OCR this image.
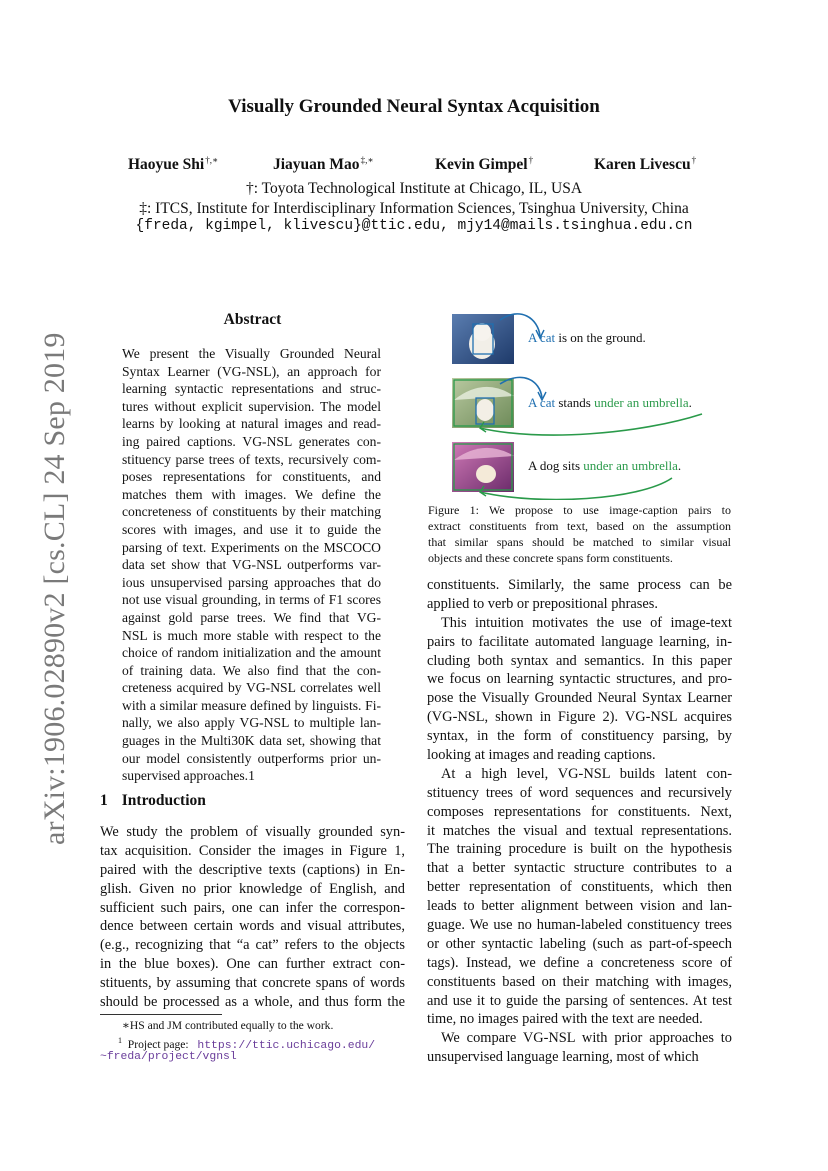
Visually Grounded Neural Syntax Acquisition
Haoyue Shi†,∗	Jiayuan Mao‡,∗	Kevin Gimpel†	Karen Livescu†
†: Toyota Technological Institute at Chicago, IL, USA
‡: ITCS, Institute for Interdisciplinary Information Sciences, Tsinghua University, China
{freda, kgimpel, klivescu}@ttic.edu, mjy14@mails.tsinghua.edu.cn
arXiv:1906.02890v2 [cs.CL] 24 Sep 2019
Abstract
We present the Visually Grounded Neural
Syntax Learner (VG-NSL), an approach for
learning syntactic representations and struc-
tures without explicit supervision. The model
learns by looking at natural images and read-
ing paired captions. VG-NSL generates con-
stituency parse trees of texts, recursively com-
poses representations for constituents, and
matches them with images. We define the
concreteness of constituents by their matching
scores with images, and use it to guide the
parsing of text. Experiments on the MSCOCO
data set show that VG-NSL outperforms var-
ious unsupervised parsing approaches that do
not use visual grounding, in terms of F1 scores
against gold parse trees. We find that VG-
NSL is much more stable with respect to the
choice of random initialization and the amount
of training data. We also find that the con-
creteness acquired by VG-NSL correlates well
with a similar measure defined by linguists. Fi-
nally, we also apply VG-NSL to multiple lan-
guages in the Multi30K data set, showing that
our model consistently outperforms prior un-
supervised approaches.1
1 Introduction
We study the problem of visually grounded syn-
tax acquisition. Consider the images in Figure 1,
paired with the descriptive texts (captions) in En-
glish. Given no prior knowledge of English, and
sufficient such pairs, one can infer the correspon-
dence between certain words and visual attributes,
(e.g., recognizing that “a cat” refers to the objects
in the blue boxes). One can further extract con-
stituents, by assuming that concrete spans of words
should be processed as a whole, and thus form the
∗HS and JM contributed equally to the work.
$^1$ Project page: https://ttic.uchicago.edu/
~freda/project/vgnsl
A cat is on the ground.
A cat stands under an umbrella.
A dog sits under an umbrella.
Figure 1: We propose to use image-caption pairs to
extract constituents from text, based on the assumption
that similar spans should be matched to similar visual
objects and these concrete spans form constituents.
constituents. Similarly, the same process can be
applied to verb or prepositional phrases.
This intuition motivates the use of image-text
pairs to facilitate automated language learning, in-
cluding both syntax and semantics. In this paper
we focus on learning syntactic structures, and pro-
pose the Visually Grounded Neural Syntax Learner
(VG-NSL, shown in Figure 2). VG-NSL acquires
syntax, in the form of constituency parsing, by
looking at images and reading captions.
At a high level, VG-NSL builds latent con-
stituency trees of word sequences and recursively
composes representations for constituents. Next,
it matches the visual and textual representations.
The training procedure is built on the hypothesis
that a better syntactic structure contributes to a
better representation of constituents, which then
leads to better alignment between vision and lan-
guage. We use no human-labeled constituency trees
or other syntactic labeling (such as part-of-speech
tags). Instead, we define a concreteness score of
constituents based on their matching with images,
and use it to guide the parsing of sentences. At test
time, no images paired with the text are needed.
We compare VG-NSL with prior approaches to
unsupervised language learning, most of which
